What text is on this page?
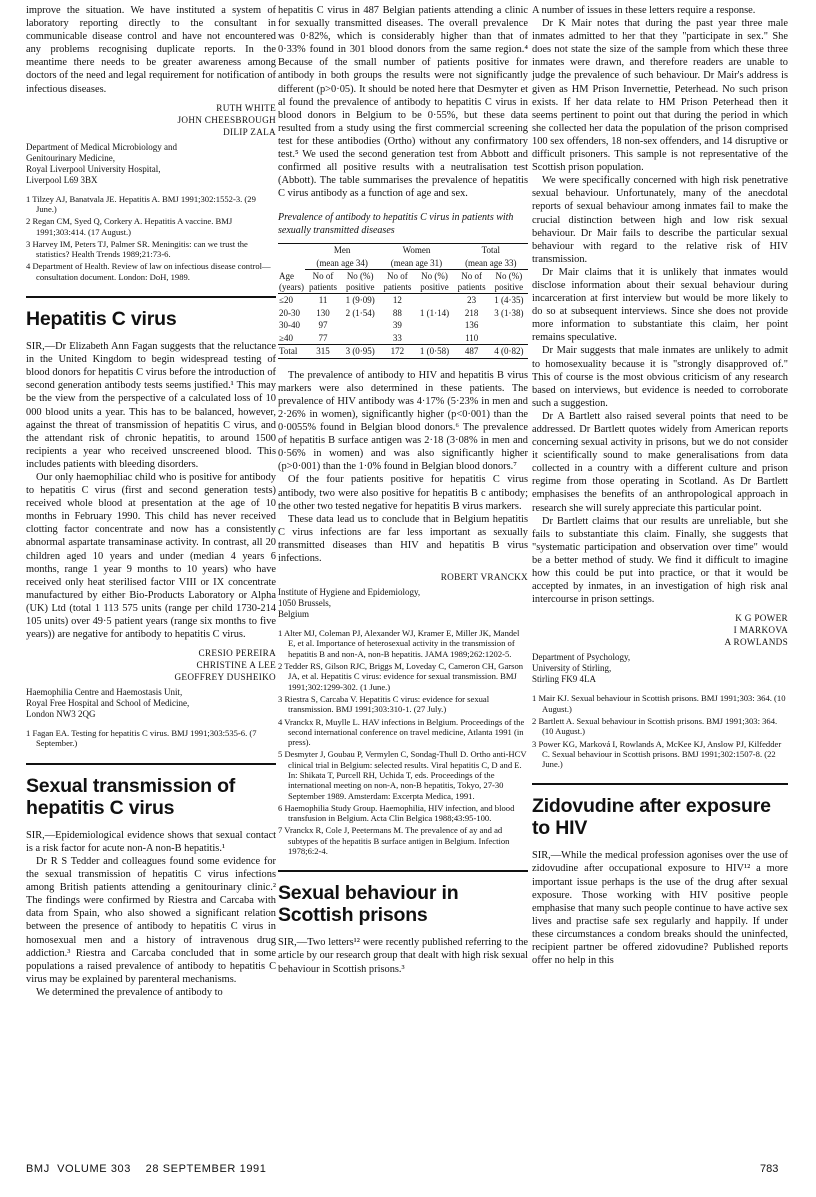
improve the situation. We have instituted a system of laboratory reporting directly to the consultant in communicable disease control and have not encountered any problems recognising duplicate reports. In the meantime there needs to be greater awareness among doctors of the need and legal requirement for notification of infectious diseases.

RUTH WHITE
JOHN CHEESBROUGH
DILIP ZALA
Department of Medical Microbiology and
Genitourinary Medicine,
Royal Liverpool University Hospital,
Liverpool L69 3BX
1 Tilzey AJ, Banatvala JE. Hepatitis A. BMJ 1991;302:1552-3. (29 June.)
2 Regan CM, Syed Q, Corkery A. Hepatitis A vaccine. BMJ 1991;303:414. (17 August.)
3 Harvey IM, Peters TJ, Palmer SR. Meningitis: can we trust the statistics? Health Trends 1989;21:73-6.
4 Department of Health. Review of law on infectious disease control—consultation document. London: DoH, 1989.
Hepatitis C virus

SIR,—Dr Elizabeth Ann Fagan suggests that the reluctance in the United Kingdom to begin widespread testing of blood donors for hepatitis C virus before the introduction of second generation antibody tests seems justified.¹ This may be the view from the perspective of a calculated loss of 10 000 blood units a year. This has to be balanced, however, against the threat of transmission of hepatitis C virus, and the attendant risk of chronic hepatitis, to around 1500 recipients a year who received unscreened blood. This includes patients with bleeding disorders.

Our only haemophiliac child who is positive for antibody to hepatitis C virus (first and second generation tests) received whole blood at presentation at the age of 10 months in February 1990. This child has never received clotting factor concentrate and now has a consistently abnormal aspartate transaminase activity. In contrast, all 20 children aged 10 years and under (median 4 years 6 months, range 1 year 9 months to 10 years) who have received only heat sterilised factor VIII or IX concentrate manufactured by either Bio-Products Laboratory or Alpha (UK) Ltd (total 1 113 575 units (range per child 1730-214 105 units) over 49·5 patient years (range six months to five years)) are negative for antibody to hepatitis C virus.

CRESIO PEREIRA
CHRISTINE A LEE
GEOFFREY DUSHEIKO
Haemophilia Centre and Haemostasis Unit,
Royal Free Hospital and School of Medicine,
London NW3 2QG
1 Fagan EA. Testing for hepatitis C virus. BMJ 1991;303:535-6. (7 September.)
Sexual transmission of hepatitis C virus

SIR,—Epidemiological evidence shows that sexual contact is a risk factor for acute non-A non-B hepatitis.¹

Dr R S Tedder and colleagues found some evidence for the sexual transmission of hepatitis C virus infections among British patients attending a genitourinary clinic.² The findings were confirmed by Riestra and Carcaba with data from Spain, who also showed a significant relation between the presence of antibody to hepatitis C virus in homosexual men and a history of intravenous drug addiction.³ Riestra and Carcaba concluded that in some populations a raised prevalence of antibody to hepatitis C virus may be explained by parenteral mechanisms.

We determined the prevalence of antibody to

hepatitis C virus in 487 Belgian patients attending a clinic for sexually transmitted diseases. The overall prevalence was 0·82%, which is considerably higher than that of 0·33% found in 301 blood donors from the same region.⁴ Because of the small number of patients positive for antibody in both groups the results were not significantly different (p>0·05). It should be noted here that Desmyter et al found the prevalence of antibody to hepatitis C virus in blood donors in Belgium to be 0·55%, but these data resulted from a study using the first commercial screening test for these antibodies (Ortho) without any confirmatory test.⁵ We used the second generation test from Abbott and confirmed all positive results with a neutralisation test (Abbott). The table summarises the prevalence of hepatitis C virus antibody as a function of age and sex.

Prevalence of antibody to hepatitis C virus in patients with sexually transmitted diseases
	Men		Women		Total	
	(mean age 34)		(mean age 31)		(mean age 33)	

Age
(years)	No of patients	No (%) positive	No of patients	No (%) positive	No of patients	No (%) positive
≤20	11	1 (9·09)	12		23	1 (4·35)
20-30	130	2 (1·54)	88	1 (1·14)	218	3 (1·38)
30-40	97		39		136	
≥40	77		33		110	
Total	315	3 (0·95)	172	1 (0·58)	487	4 (0·82)

The prevalence of antibody to HIV and hepatitis B virus markers were also determined in these patients. The prevalence of HIV antibody was 4·17% (5·23% in men and 2·26% in women), significantly higher (p<0·001) than the 0·0055% found in Belgian blood donors.⁶ The prevalence of hepatitis B surface antigen was 2·18 (3·08% in men and 0·56% in women) and was also significantly higher (p>0·001) than the 1·0% found in Belgian blood donors.⁷

Of the four patients positive for hepatitis C virus antibody, two were also positive for hepatitis B c antibody; the other two tested negative for hepatitis B virus markers.

These data lead us to conclude that in Belgium hepatitis C virus infections are far less important as sexually transmitted diseases than HIV and hepatitis B virus infections.

ROBERT VRANCKX
Institute of Hygiene and Epidemiology,
1050 Brussels,
Belgium
1 Alter MJ, Coleman PJ, Alexander WJ, Kramer E, Miller JK, Mandel E, et al. Importance of heterosexual activity in the transmission of hepatitis B and non-A, non-B hepatitis. JAMA 1989;262:1202-5.
2 Tedder RS, Gilson RJC, Briggs M, Loveday C, Cameron CH, Garson JA, et al. Hepatitis C virus: evidence for sexual transmission. BMJ 1991;302:1299-302. (1 June.)
3 Riestra S, Carcaba V. Hepatitis C virus: evidence for sexual transmission. BMJ 1991;303:310-1. (27 July.)
4 Vranckx R, Muylle L. HAV infections in Belgium. Proceedings of the second international conference on travel medicine, Atlanta 1991 (in press).
5 Desmyter J, Goubau P, Vermylen C, Sondag-Thull D. Ortho anti-HCV clinical trial in Belgium: selected results. Viral hepatitis C, D and E. In: Shikata T, Purcell RH, Uchida T, eds. Proceedings of the international meeting on non-A, non-B hepatitis, Tokyo, 27-30 September 1989. Amsterdam: Excerpta Medica, 1991.
6 Haemophilia Study Group. Haemophilia, HIV infection, and blood transfusion in Belgium. Acta Clin Belgica 1988;43:95-100.
7 Vranckx R, Cole J, Peetermans M. The prevalence of ay and ad subtypes of the hepatitis B surface antigen in Belgium. Infection 1978;6:2-4.
Sexual behaviour in Scottish prisons

SIR,—Two letters¹² were recently published referring to the article by our research group that dealt with high risk sexual behaviour in Scottish prisons.³

A number of issues in these letters require a response.

Dr K Mair notes that during the past year three male inmates admitted to her that they "participate in sex." She does not state the size of the sample from which these three inmates were drawn, and therefore readers are unable to judge the prevalence of such behaviour. Dr Mair's address is given as HM Prison Invernettie, Peterhead. No such prison exists. If her data relate to HM Prison Peterhead then it seems pertinent to point out that during the period in which she collected her data the population of the prison comprised 100 sex offenders, 18 non-sex offenders, and 14 disruptive or difficult prisoners. This sample is not representative of the Scottish prison population.

We were specifically concerned with high risk penetrative sexual behaviour. Unfortunately, many of the anecdotal reports of sexual behaviour among inmates fail to make the crucial distinction between high and low risk sexual behaviour. Dr Mair fails to describe the particular sexual behaviour with regard to the relative risk of HIV transmission.

Dr Mair claims that it is unlikely that inmates would disclose information about their sexual behaviour during incarceration at first interview but would be more likely to do so at subsequent interviews. Since she does not provide more information to substantiate this claim, her point remains speculative.

Dr Mair suggests that male inmates are unlikely to admit to homosexuality because it is "strongly disapproved of." This of course is the most obvious criticism of any research based on interviews, but evidence is needed to corroborate such a suggestion.

Dr A Bartlett also raised several points that need to be addressed. Dr Bartlett quotes widely from American reports concerning sexual activity in prisons, but we do not consider it scientifically sound to make generalisations from data collected in a country with a different culture and prison regime from those operating in Scotland. As Dr Bartlett emphasises the benefits of an anthropological approach in research she will surely appreciate this particular point.

Dr Bartlett claims that our results are unreliable, but she fails to substantiate this claim. Finally, she suggests that "systematic participation and observation over time" would be a better method of study. We find it difficult to imagine how this could be put into practice, or that it would be accepted by inmates, in an investigation of high risk anal intercourse in prison settings.

K G POWER
I MARKOVA
A ROWLANDS
Department of Psychology,
University of Stirling,
Stirling FK9 4LA
1 Mair KJ. Sexual behaviour in Scottish prisons. BMJ 1991;303: 364. (10 August.)
2 Bartlett A. Sexual behaviour in Scottish prisons. BMJ 1991;303: 364. (10 August.)
3 Power KG, Marková I, Rowlands A, McKee KJ, Anslow PJ, Kilfedder C. Sexual behaviour in Scottish prisons. BMJ 1991;302:1507-8. (22 June.)
Zidovudine after exposure to HIV

SIR,—While the medical profession agonises over the use of zidovudine after occupational exposure to HIV¹² a more important issue perhaps is the use of the drug after sexual exposure. Those working with HIV positive people emphasise that many such people continue to have active sex lives and practise safe sex regularly and happily. If under these circumstances a condom breaks should the uninfected, recipient partner be offered zidovudine? Published reports offer no help in this

BMJ VOLUME 303 28 SEPTEMBER 1991	783
